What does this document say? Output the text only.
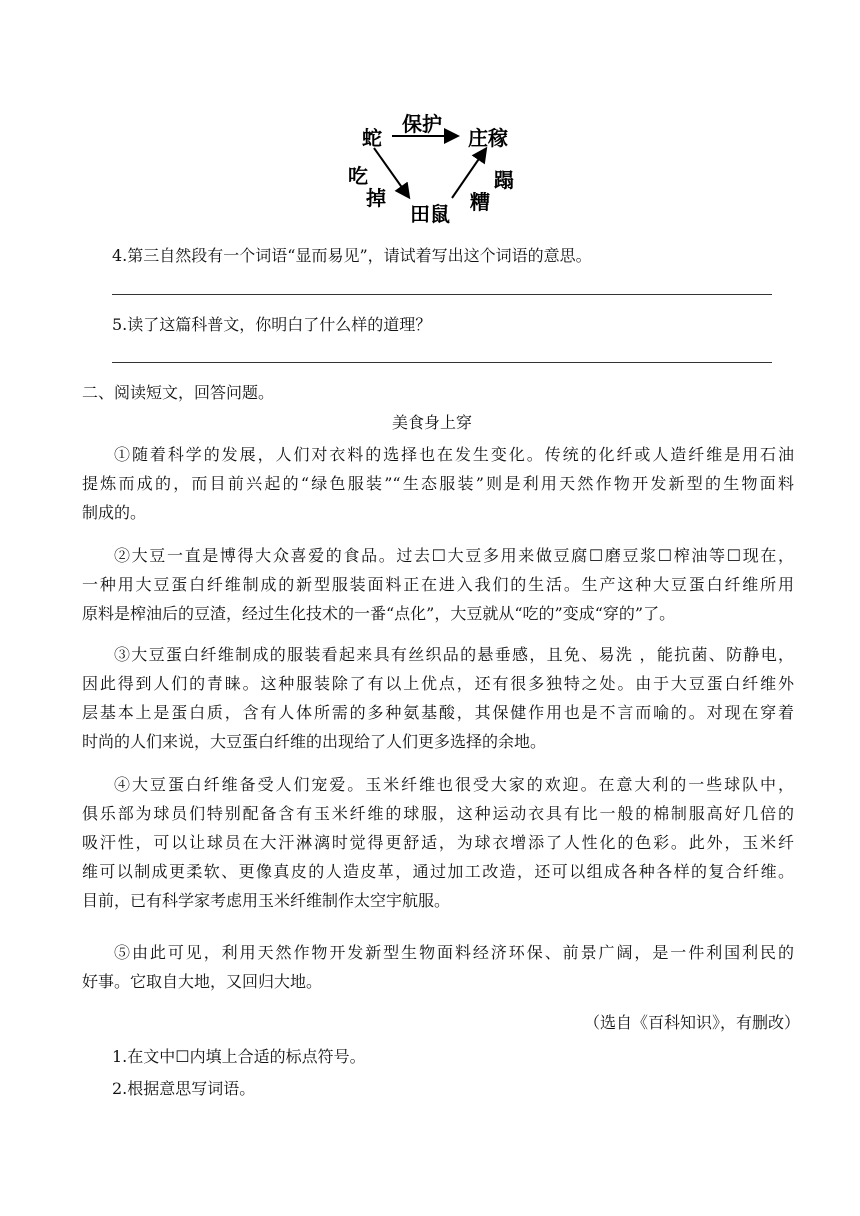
蛇
保护
庄稼
吃
掉
蹋
糟
田鼠
4.第三自然段有一个词语“显而易见”，请试着写出这个词语的意思。
5.读了这篇科普文，你明白了什么样的道理？
二、阅读短文，回答问题。
美食身上穿

①随着科学的发展，人们对衣料的选择也在发生变化。传统的化纤或人造纤维是用石油

提炼而成的，而目前兴起的“绿色服装”“生态服装”则是利用天然作物开发新型的生物面料

制成的。

②大豆一直是博得大众喜爱的食品。过去☐大豆多用来做豆腐☐磨豆浆☐榨油等☐现在，

一种用大豆蛋白纤维制成的新型服装面料正在进入我们的生活。生产这种大豆蛋白纤维所用

原料是榨油后的豆渣，经过生化技术的一番“点化”，大豆就从“吃的”变成“穿的”了。

③大豆蛋白纤维制成的服装看起来具有丝织品的悬垂感，且免、易洗 ，能抗菌、防静电，

因此得到人们的青睐。这种服装除了有以上优点，还有很多独特之处。由于大豆蛋白纤维外

层基本上是蛋白质，含有人体所需的多种氨基酸，其保健作用也是不言而喻的。对现在穿着

时尚的人们来说，大豆蛋白纤维的出现给了人们更多选择的余地。

④大豆蛋白纤维备受人们宠爱。玉米纤维也很受大家的欢迎。在意大利的一些球队中，

俱乐部为球员们特别配备含有玉米纤维的球服，这种运动衣具有比一般的棉制服高好几倍的

吸汗性，可以让球员在大汗淋漓时觉得更舒适，为球衣增添了人性化的色彩。此外，玉米纤

维可以制成更柔软、更像真皮的人造皮革，通过加工改造，还可以组成各种各样的复合纤维。

目前，已有科学家考虑用玉米纤维制作太空宇航服。

⑤由此可见，利用天然作物开发新型生物面料经济环保、前景广阔，是一件利国利民的

好事。它取自大地，又回归大地。

（选自《百科知识》，有删改）
1.在文中☐内填上合适的标点符号。
2.根据意思写词语。
